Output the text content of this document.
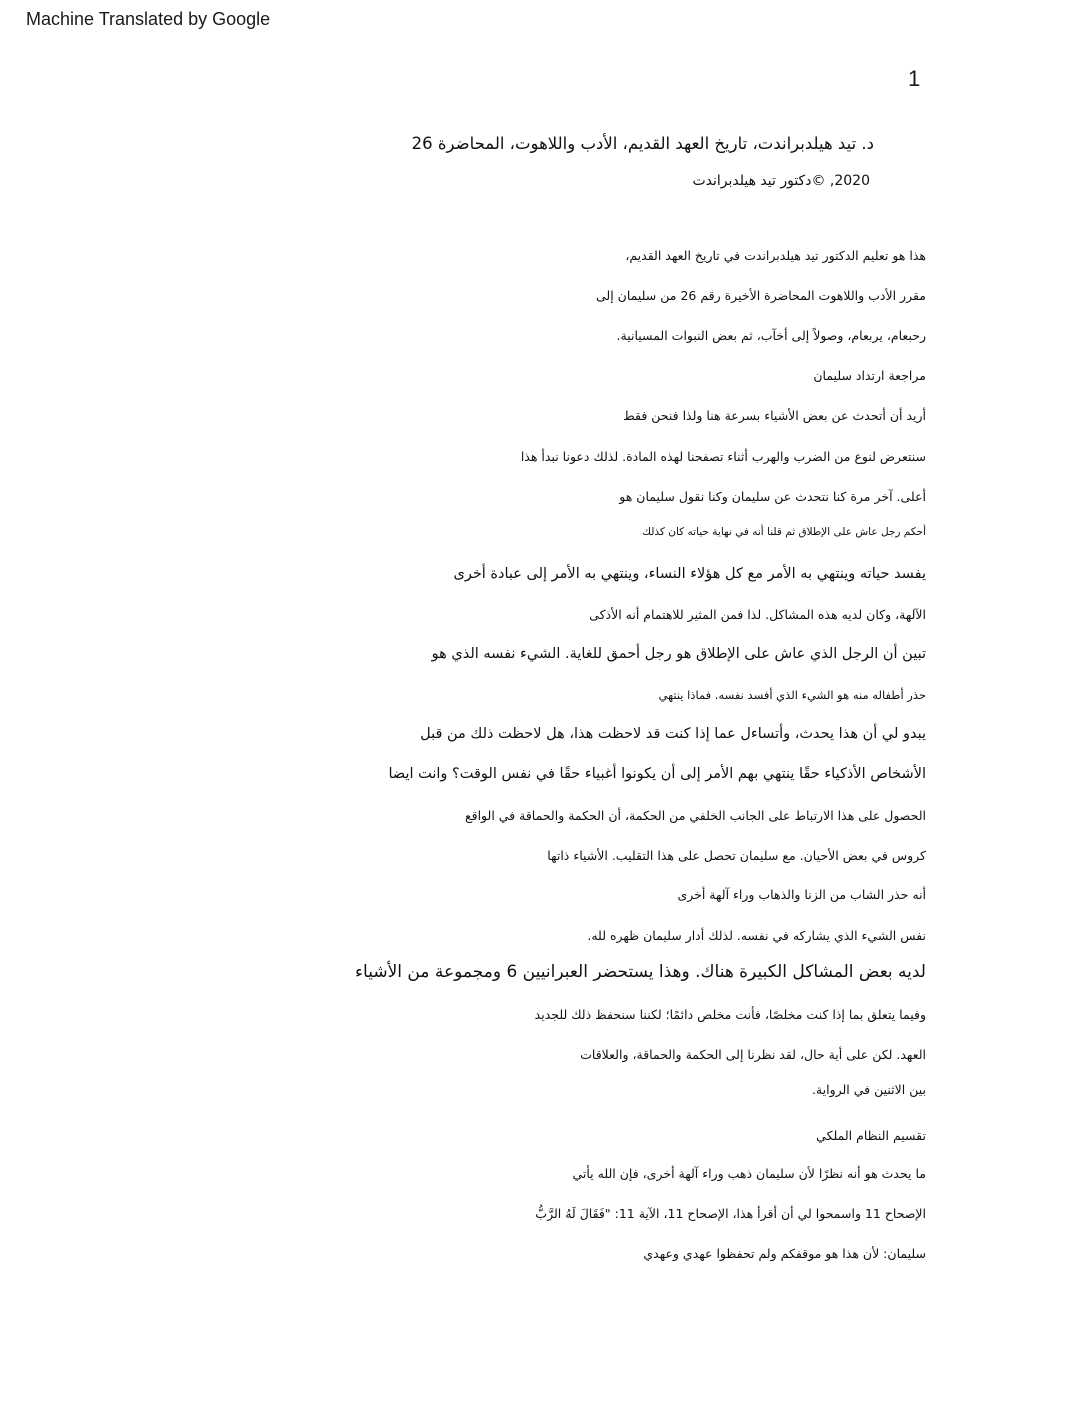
Machine Translated by Google
1
د. تيد هيلدبراندت، تاريخ العهد القديم، الأدب واللاهوت، المحاضرة 26
2020, ©دكتور تيد هيلدبراندت
هذا هو تعليم الدكتور تيد هيلدبراندت في تاريخ العهد القديم،
مقرر الأدب واللاهوت المحاضرة الأخيرة رقم 26 من سليمان إلى
رحبعام، يربعام، وصولاً إلى أخآب، ثم بعض النبوات المسيانية.
مراجعة ارتداد سليمان
أريد أن أتحدث عن بعض الأشياء بسرعة هنا ولذا فنحن فقط
سنتعرض لنوع من الضرب والهرب أثناء تصفحنا لهذه المادة. لذلك دعونا نبدأ هذا
أعلى. آخر مرة كنا نتحدث عن سليمان وكنا نقول سليمان هو
أحكم رجل عاش على الإطلاق ثم قلنا أنه في نهاية حياته كان كذلك
يفسد حياته وينتهي به الأمر مع كل هؤلاء النساء، وينتهي به الأمر إلى عبادة أخرى
الآلهة، وكان لديه هذه المشاكل. لذا فمن المثير للاهتمام أنه الأذكى
تبين أن الرجل الذي عاش على الإطلاق هو رجل أحمق للغاية. الشيء نفسه الذي هو
حذر أطفاله منه هو الشيء الذي أفسد نفسه. فماذا ينتهي
يبدو لي أن هذا يحدث، وأتساءل عما إذا كنت قد لاحظت هذا، هل لاحظت ذلك من قبل
الأشخاص الأذكياء حقًا ينتهي بهم الأمر إلى أن يكونوا أغبياء حقًا في نفس الوقت؟ وانت ايضا
الحصول على هذا الارتباط على الجانب الخلفي من الحكمة، أن الحكمة والحماقة في الواقع
كروس في بعض الأحيان. مع سليمان تحصل على هذا التقليب. الأشياء ذاتها
أنه حذر الشاب من الزنا والذهاب وراء آلهة أخرى
نفس الشيء الذي يشاركه في نفسه. لذلك أدار سليمان ظهره لله.
لديه بعض المشاكل الكبيرة هناك. وهذا يستحضر العبرانيين 6 ومجموعة من الأشياء
وفيما يتعلق بما إذا كنت مخلصًا، فأنت مخلص دائمًا؛ لكننا سنحفظ ذلك للجديد
العهد. لكن على أية حال، لقد نظرنا إلى الحكمة والحماقة، والعلاقات
بين الاثنين في الرواية.
تقسيم النظام الملكي
ما يحدث هو أنه نظرًا لأن سليمان ذهب وراء آلهة أخرى، فإن الله يأتي
الإصحاح 11 واسمحوا لي أن أقرأ هذا، الإصحاح 11، الآية 11: "فَقَالَ لَهُ الرَّبُّ
سليمان: لأن هذا هو موقفكم ولم تحفظوا عهدي وعهدي
